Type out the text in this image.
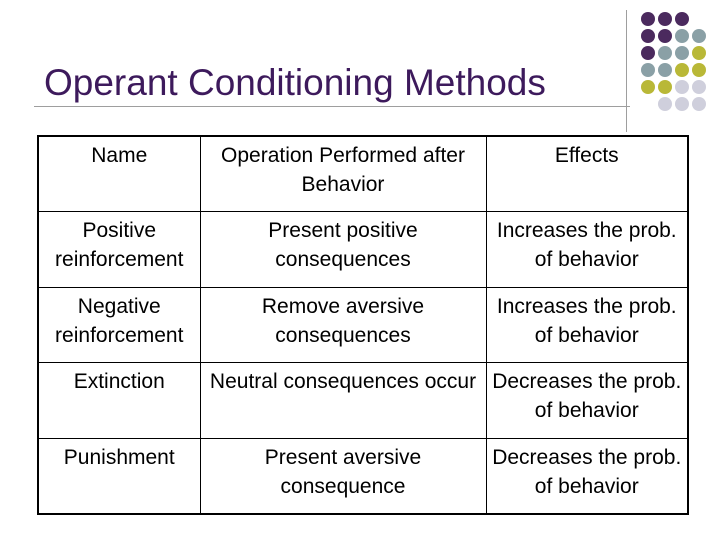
Operant Conditioning Methods
Name	Operation Performed after Behavior	Effects
Positive reinforcement	Present positive consequences	Increases the prob. of behavior
Negative reinforcement	Remove aversive consequences	Increases the prob. of behavior
Extinction	Neutral consequences occur	Decreases the prob. of behavior
Punishment	Present aversive consequence	Decreases the prob. of behavior
